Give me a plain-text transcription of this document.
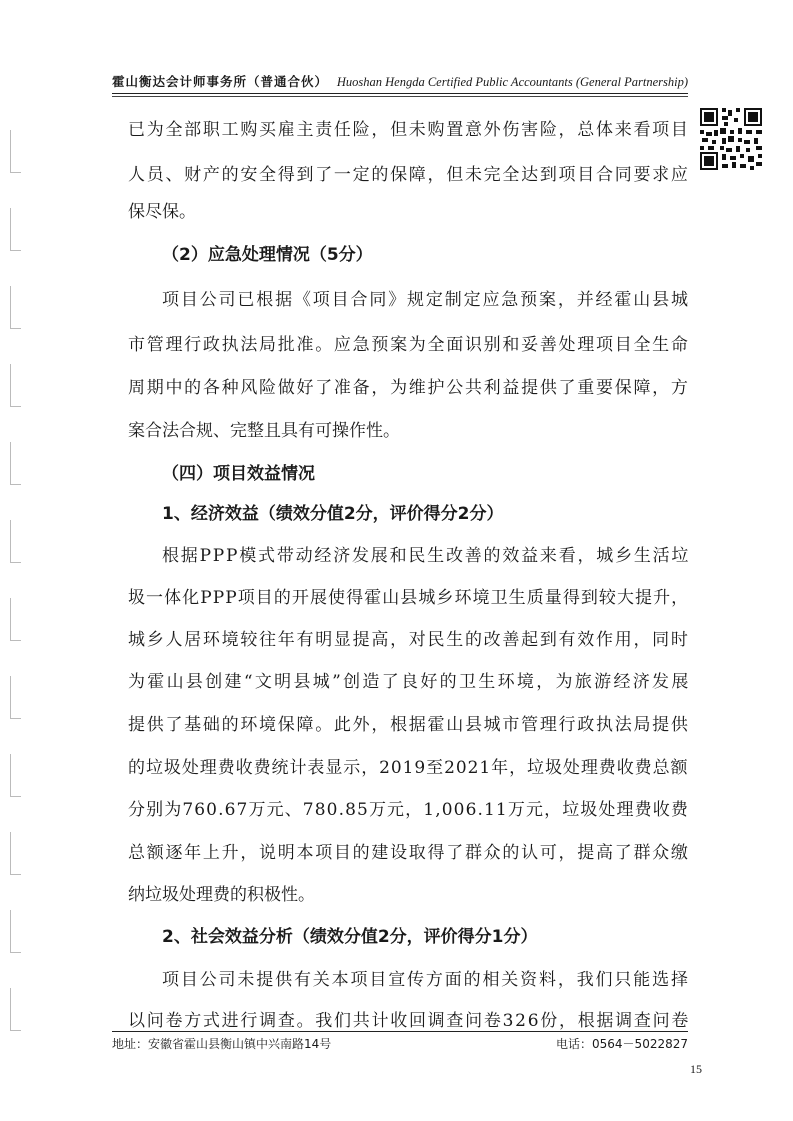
霍山衡达会计师事务所（普通合伙） Huoshan Hengda Certified Public Accountants (General Partnership)
已为全部职工购买雇主责任险，但未购置意外伤害险，总体来看项目
人员、财产的安全得到了一定的保障，但未完全达到项目合同要求应
保尽保。
（2）应急处理情况（5分）
项目公司已根据《项目合同》规定制定应急预案，并经霍山县城
市管理行政执法局批准。应急预案为全面识别和妥善处理项目全生命
周期中的各种风险做好了准备，为维护公共利益提供了重要保障，方
案合法合规、完整且具有可操作性。
（四）项目效益情况
1、经济效益（绩效分值2分，评价得分2分）
根据PPP模式带动经济发展和民生改善的效益来看，城乡生活垃
圾一体化PPP项目的开展使得霍山县城乡环境卫生质量得到较大提升，
城乡人居环境较往年有明显提高，对民生的改善起到有效作用，同时
为霍山县创建“文明县城”创造了良好的卫生环境，为旅游经济发展
提供了基础的环境保障。此外，根据霍山县城市管理行政执法局提供
的垃圾处理费收费统计表显示，2019至2021年，垃圾处理费收费总额
分别为760.67万元、780.85万元，1,006.11万元，垃圾处理费收费
总额逐年上升，说明本项目的建设取得了群众的认可，提高了群众缴
纳垃圾处理费的积极性。
2、社会效益分析（绩效分值2分，评价得分1分）
项目公司未提供有关本项目宣传方面的相关资料，我们只能选择
以问卷方式进行调查。我们共计收回调查问卷326份，根据调查问卷
地址：安徽省霍山县衡山镇中兴南路14号	电话：0564－5022827
15
